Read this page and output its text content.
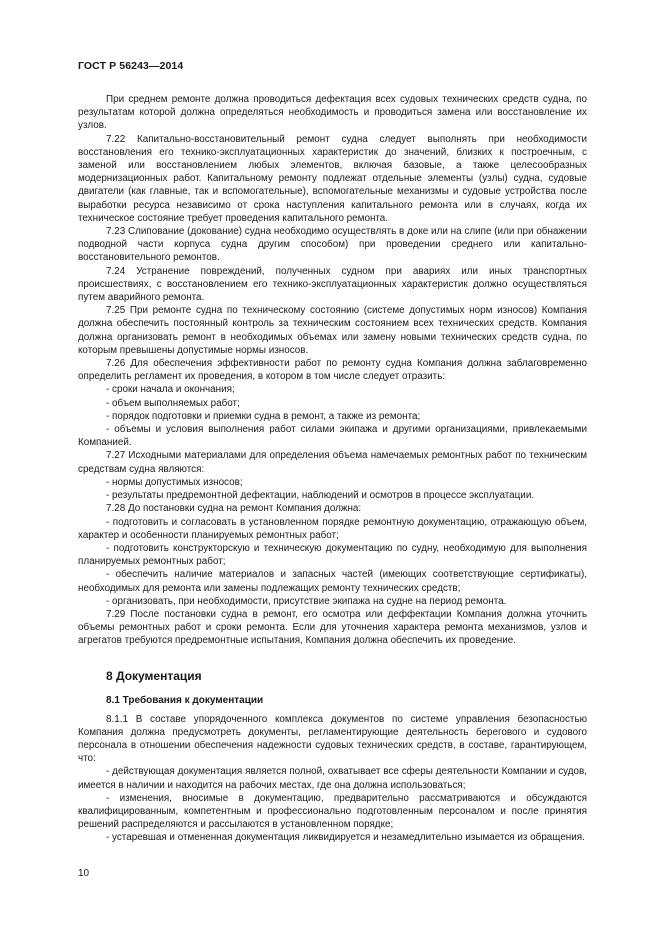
ГОСТ Р 56243—2014

При среднем ремонте должна проводиться дефектация всех судовых технических средств судна, по результатам которой должна определяться необходимость и проводиться замена или восстановление их узлов.

7.22 Капитально-восстановительный ремонт судна следует выполнять при необходимости восстановления его технико-эксплуатационных характеристик до значений, близких к построечным, с заменой или восстановлением любых элементов, включая базовые, а также целесообразных модернизационных работ. Капитальному ремонту подлежат отдельные элементы (узлы) судна, судовые двигатели (как главные, так и вспомогательные), вспомогательные механизмы и судовые устройства после выработки ресурса независимо от срока наступления капитального ремонта или в случаях, когда их техническое состояние требует проведения капитального ремонта.

7.23 Слипование (докование) судна необходимо осуществлять в доке или на слипе (или при обнажении подводной части корпуса судна другим способом) при проведении среднего или капитально-восстановительного ремонтов.

7.24 Устранение повреждений, полученных судном при авариях или иных транспортных происшествиях, с восстановлением его технико-эксплуатационных характеристик должно осуществляться путем аварийного ремонта.

7.25 При ремонте судна по техническому состоянию (системе допустимых норм износов) Компания должна обеспечить постоянный контроль за техническим состоянием всех технических средств. Компания должна организовать ремонт в необходимых объемах или замену новыми технических средств судна, по которым превышены допустимые нормы износов.

7.26 Для обеспечения эффективности работ по ремонту судна Компания должна заблаговременно определить регламент их проведения, в котором в том числе следует отразить:

- сроки начала и окончания;

- объем выполняемых работ;

- порядок подготовки и приемки судна в ремонт, а также из ремонта;

- объемы и условия выполнения работ силами экипажа и другими организациями, привлекаемыми Компанией.

7.27 Исходными материалами для определения объема намечаемых ремонтных работ по техническим средствам судна являются:

- нормы допустимых износов;

- результаты предремонтной дефектации, наблюдений и осмотров в процессе эксплуатации.

7.28 До постановки судна на ремонт Компания должна:

- подготовить и согласовать в установленном порядке ремонтную документацию, отражающую объем, характер и особенности планируемых ремонтных работ;

- подготовить конструкторскую и техническую документацию по судну, необходимую для выполнения планируемых ремонтных работ;

- обеспечить наличие материалов и запасных частей (имеющих соответствующие сертификаты), необходимых для ремонта или замены подлежащих ремонту технических средств;

- организовать, при необходимости, присутствие экипажа на судне на период ремонта.

7.29 После постановки судна в ремонт, его осмотра или деффектации Компания должна уточнить объемы ремонтных работ и сроки ремонта. Если для уточнения характера ремонта механизмов, узлов и агрегатов требуются предремонтные испытания, Компания должна обеспечить их проведение.

8 Документация

8.1 Требования к документации

8.1.1 В составе упорядоченного комплекса документов по системе управления безопасностью Компания должна предусмотреть документы, регламентирующие деятельность берегового и судового персонала в отношении обеспечения надежности судовых технических средств, в составе, гарантирующем, что:

- действующая документация является полной, охватывает все сферы деятельности Компании и судов, имеется в наличии и находится на рабочих местах, где она должна использоваться;

- изменения, вносимые в документацию, предварительно рассматриваются и обсуждаются квалифицированным, компетентным и профессионально подготовленным персоналом и после принятия решений распределяются и рассылаются в установленном порядке;

- устаревшая и отмененная документация ликвидируется и незамедлительно изымается из обращения.

10
